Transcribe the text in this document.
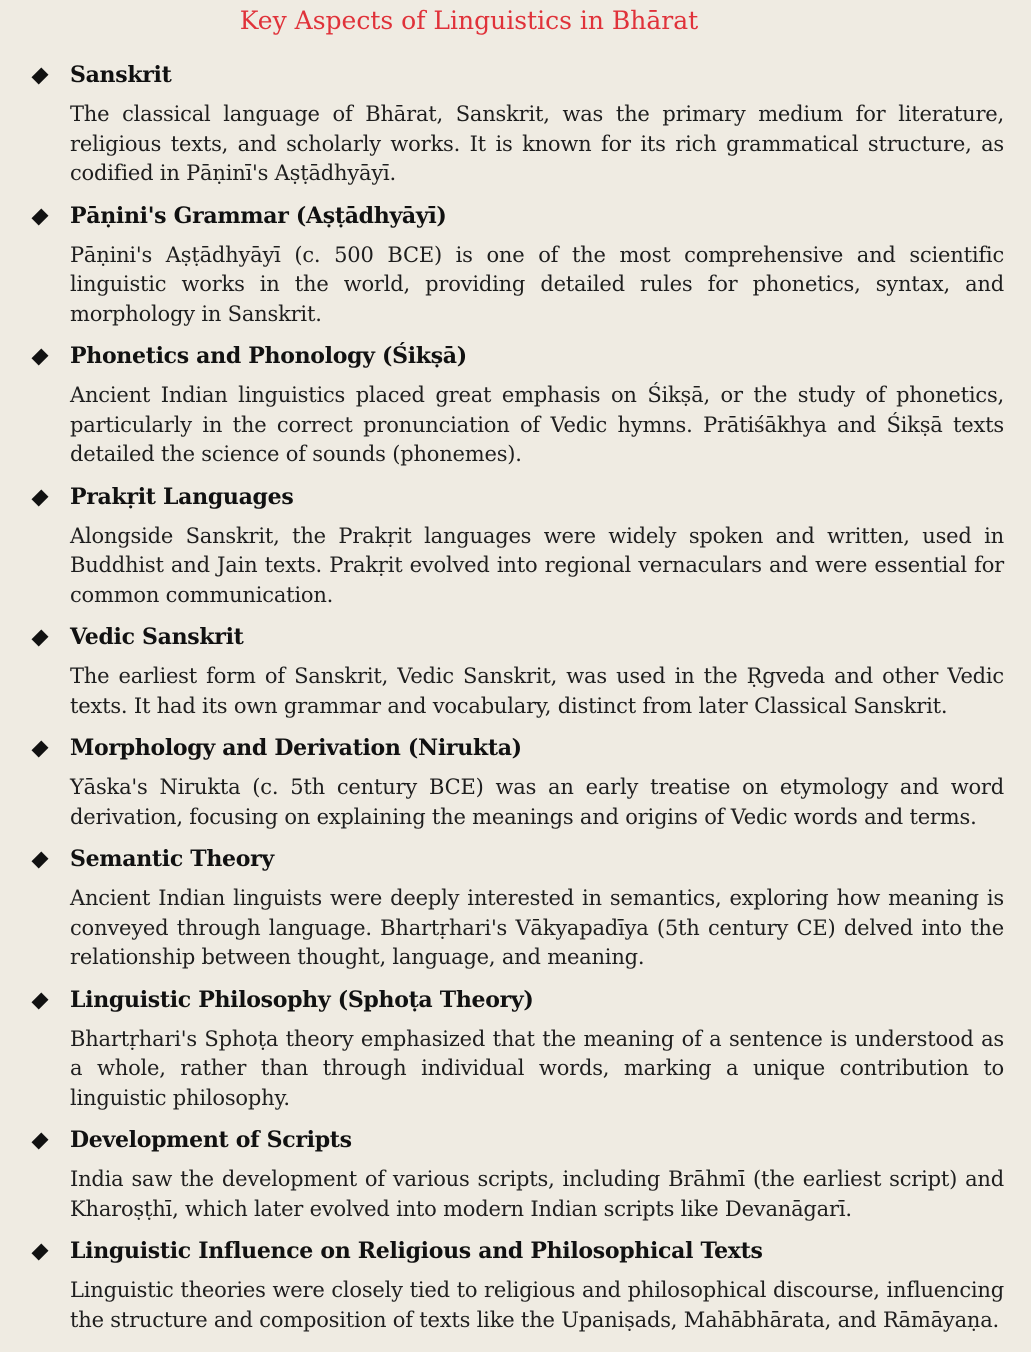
Key Aspects of Linguistics in Bhārat
Sanskrit

The classical language of Bhārat, Sanskrit, was the primary medium for literature, religious texts, and scholarly works. It is known for its rich grammatical structure, as codified in Pāṇinī's Aṣṭādhyāyī.

Pāṇini's Grammar (Aṣṭādhyāyī)

Pāṇini's Aṣṭādhyāyī (c. 500 BCE) is one of the most comprehensive and scientific linguistic works in the world, providing detailed rules for phonetics, syntax, and morphology in Sanskrit.

Phonetics and Phonology (Śikṣā)

Ancient Indian linguistics placed great emphasis on Śikṣā, or the study of phonetics, particularly in the correct pronunciation of Vedic hymns. Prātiśākhya and Śikṣā texts detailed the science of sounds (phonemes).

Prakṛit Languages

Alongside Sanskrit, the Prakṛit languages were widely spoken and written, used in Buddhist and Jain texts. Prakṛit evolved into regional vernaculars and were essential for common communication.

Vedic Sanskrit

The earliest form of Sanskrit, Vedic Sanskrit, was used in the Ṛgveda and other Vedic texts. It had its own grammar and vocabulary, distinct from later Classical Sanskrit.

Morphology and Derivation (Nirukta)

Yāska's Nirukta (c. 5th century BCE) was an early treatise on etymology and word derivation, focusing on explaining the meanings and origins of Vedic words and terms.

Semantic Theory

Ancient Indian linguists were deeply interested in semantics, exploring how meaning is conveyed through language. Bhartṛhari's Vākyapadīya (5th century CE) delved into the relationship between thought, language, and meaning.

Linguistic Philosophy (Sphoṭa Theory)

Bhartṛhari's Sphoṭa theory emphasized that the meaning of a sentence is understood as a whole, rather than through individual words, marking a unique contribution to linguistic philosophy.

Development of Scripts

India saw the development of various scripts, including Brāhmī (the earliest script) and Kharoṣṭhī, which later evolved into modern Indian scripts like Devanāgarī.

Linguistic Influence on Religious and Philosophical Texts

Linguistic theories were closely tied to religious and philosophical discourse, influencing the structure and composition of texts like the Upaniṣads, Mahābhārata, and Rāmāyaṇa.
